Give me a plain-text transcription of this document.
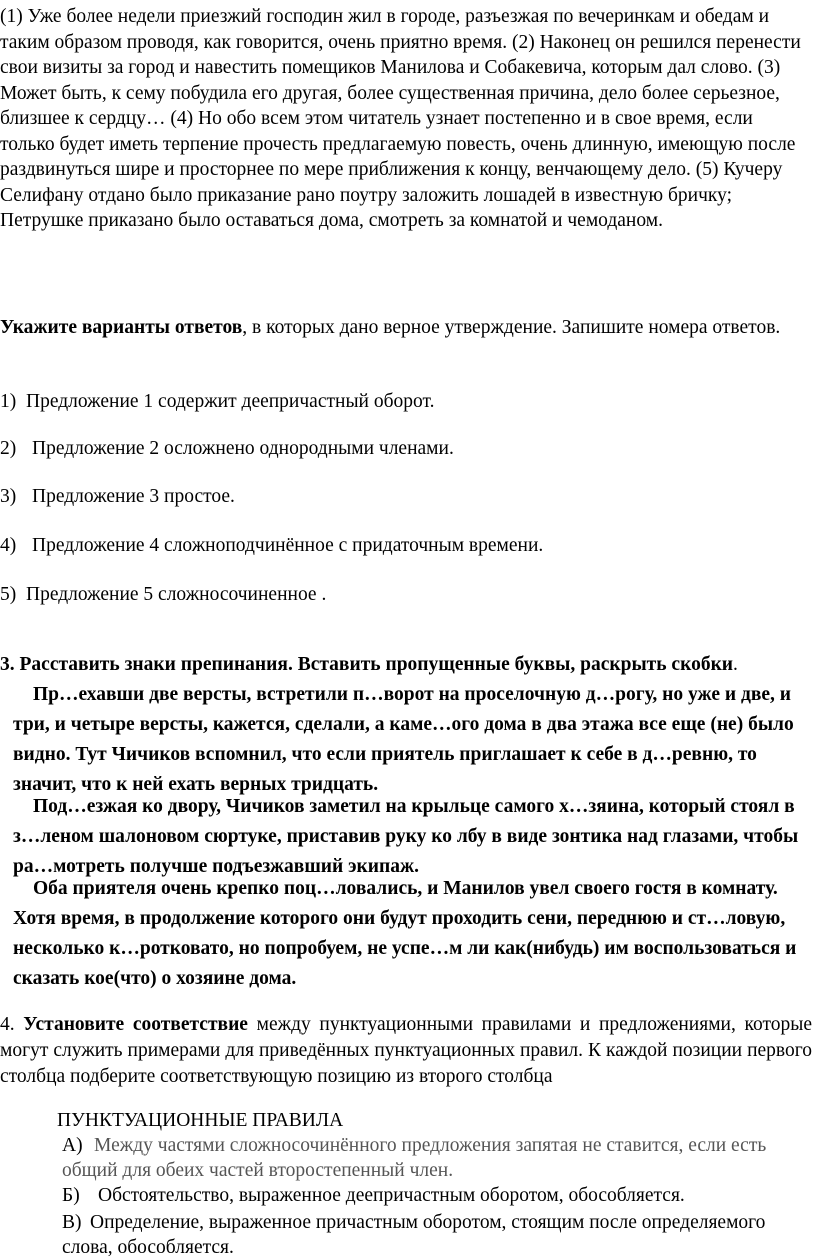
(1) Уже более недели приезжий господин жил в городе, разъезжая по вечеринкам и обедам и таким образом проводя, как говорится, очень приятно время. (2) Наконец он решился перенести свои визиты за город и навестить помещиков Манилова и Собакевича, которым дал слово. (3) Может быть, к сему побудила его другая, более существенная причина, дело более серьезное, близшее к сердцу… (4) Но обо всем этом читатель узнает постепенно и в свое время, если только будет иметь терпение прочесть предлагаемую повесть, очень длинную, имеющую после раздвинуться шире и просторнее по мере приближения к концу, венчающему дело. (5) Кучеру Селифану отдано было приказание рано поутру заложить лошадей в известную бричку; Петрушке приказано было оставаться дома, смотреть за комнатой и чемоданом.

Укажите варианты ответов, в которых дано верное утверждение. Запишите номера ответов.

1) Предложение 1 содержит деепричастный оборот.

2) Предложение 2 осложнено однородными членами.

3) Предложение 3 простое.

4) Предложение 4 сложноподчинённое с придаточным времени.

5) Предложение 5 сложносочиненное .

3. Расставить знаки препинания. Вставить пропущенные буквы, раскрыть скобки.

Пр…ехавши две версты, встретили п…ворот на проселочную д…рогу, но уже и две, и
три, и четыре версты, кажется, сделали, а каме…ого дома в два этажа все еще (не) было
видно. Тут Чичиков вспомнил, что если приятель приглашает к себе в д…ревню, то
значит, что к ней ехать верных тридцать.
Под…езжая ко двору, Чичиков заметил на крыльце самого х…зяина, который стоял в
з…леном шалоновом сюртуке, приставив руку ко лбу в виде зонтика над глазами, чтобы
ра…мотреть получше подъезжавший экипаж.
Оба приятеля очень крепко поц…ловались, и Манилов увел своего гостя в комнату.
Хотя время, в продолжение которого они будут проходить сени, переднюю и ст…ловую,
несколько к…ротковато, но попробуем, не успе…м ли как(нибудь) им воспользоваться и
сказать кое(что) о хозяине дома.

4. Установите соответствие между пунктуационными правилами и предложениями, которые могут служить примерами для приведённых пунктуационных правил. К каждой позиции первого столбца подберите соответствующую позицию из второго столбца

ПУНКТУАЦИОННЫЕ ПРАВИЛА

А) Между частями сложносочинённого предложения запятая не ставится, если есть общий для обеих частей второстепенный член.

Б) Обстоятельство, выраженное деепричастным оборотом, обособляется.

В) Определение, выраженное причастным оборотом, стоящим после определяемого слова, обособляется.
